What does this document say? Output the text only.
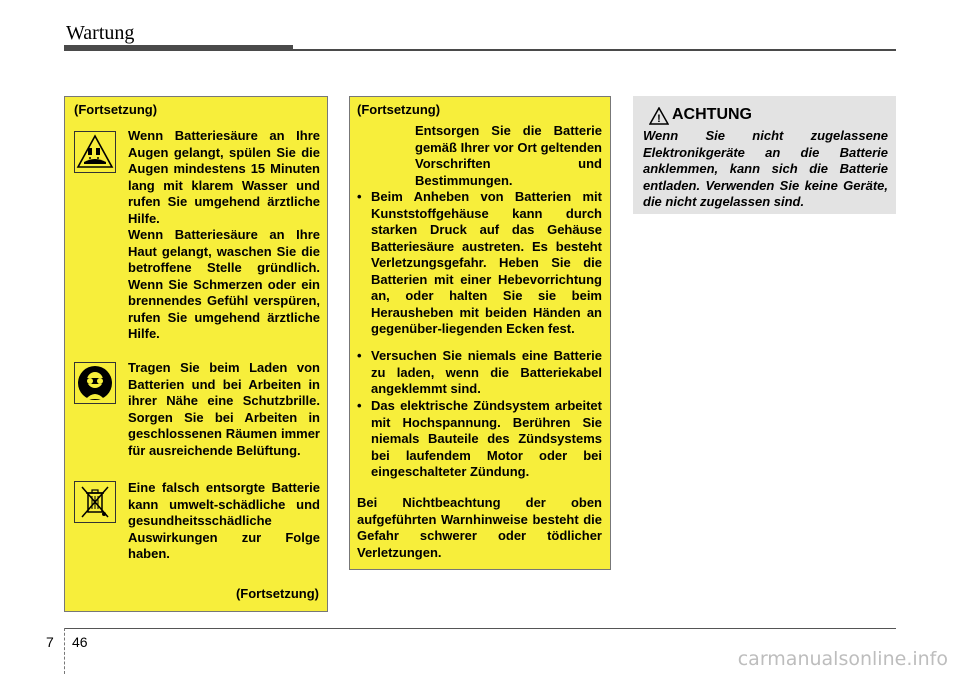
Wartung
(Fortsetzung)
Wenn Batteriesäure an Ihre Augen gelangt, spülen Sie die Augen mindestens 15 Minuten lang mit klarem Wasser und rufen Sie umgehend ärztliche Hilfe.
Wenn Batteriesäure an Ihre Haut gelangt, waschen Sie die betroffene Stelle gründlich. Wenn Sie Schmerzen oder ein brennendes Gefühl verspüren, rufen Sie umgehend ärztliche Hilfe.
Tragen Sie beim Laden von Batterien und bei Arbeiten in ihrer Nähe eine Schutzbrille. Sorgen Sie bei Arbeiten in geschlossenen Räumen immer für ausreichende Belüftung.
Eine falsch entsorgte Batterie kann umwelt-schädliche und gesundheitsschädliche Auswirkungen zur Folge haben.
(Fortsetzung)
(Fortsetzung)
Entsorgen Sie die Batterie gemäß Ihrer vor Ort geltenden Vorschriften und Bestimmungen.
• Beim Anheben von Batterien mit Kunststoffgehäuse kann durch starken Druck auf das Gehäuse Batteriesäure austreten. Es besteht Verletzungsgefahr. Heben Sie die Batterien mit einer Hebevorrichtung an, oder halten Sie sie beim Herausheben mit beiden Händen an gegenüber-liegenden Ecken fest.
• Versuchen Sie niemals eine Batterie zu laden, wenn die Batteriekabel angeklemmt sind.
• Das elektrische Zündsystem arbeitet mit Hochspannung. Berühren Sie niemals Bauteile des Zündsystems bei laufendem Motor oder bei eingeschalteter Zündung.
Bei Nichtbeachtung der oben aufgeführten Warnhinweise besteht die Gefahr schwerer oder tödlicher Verletzungen.
! ACHTUNG
Wenn Sie nicht zugelassene Elektronikgeräte an die Batterie anklemmen, kann sich die Batterie entladen. Verwenden Sie keine Geräte, die nicht zugelassen sind.
7 46
carmanualsonline.info
